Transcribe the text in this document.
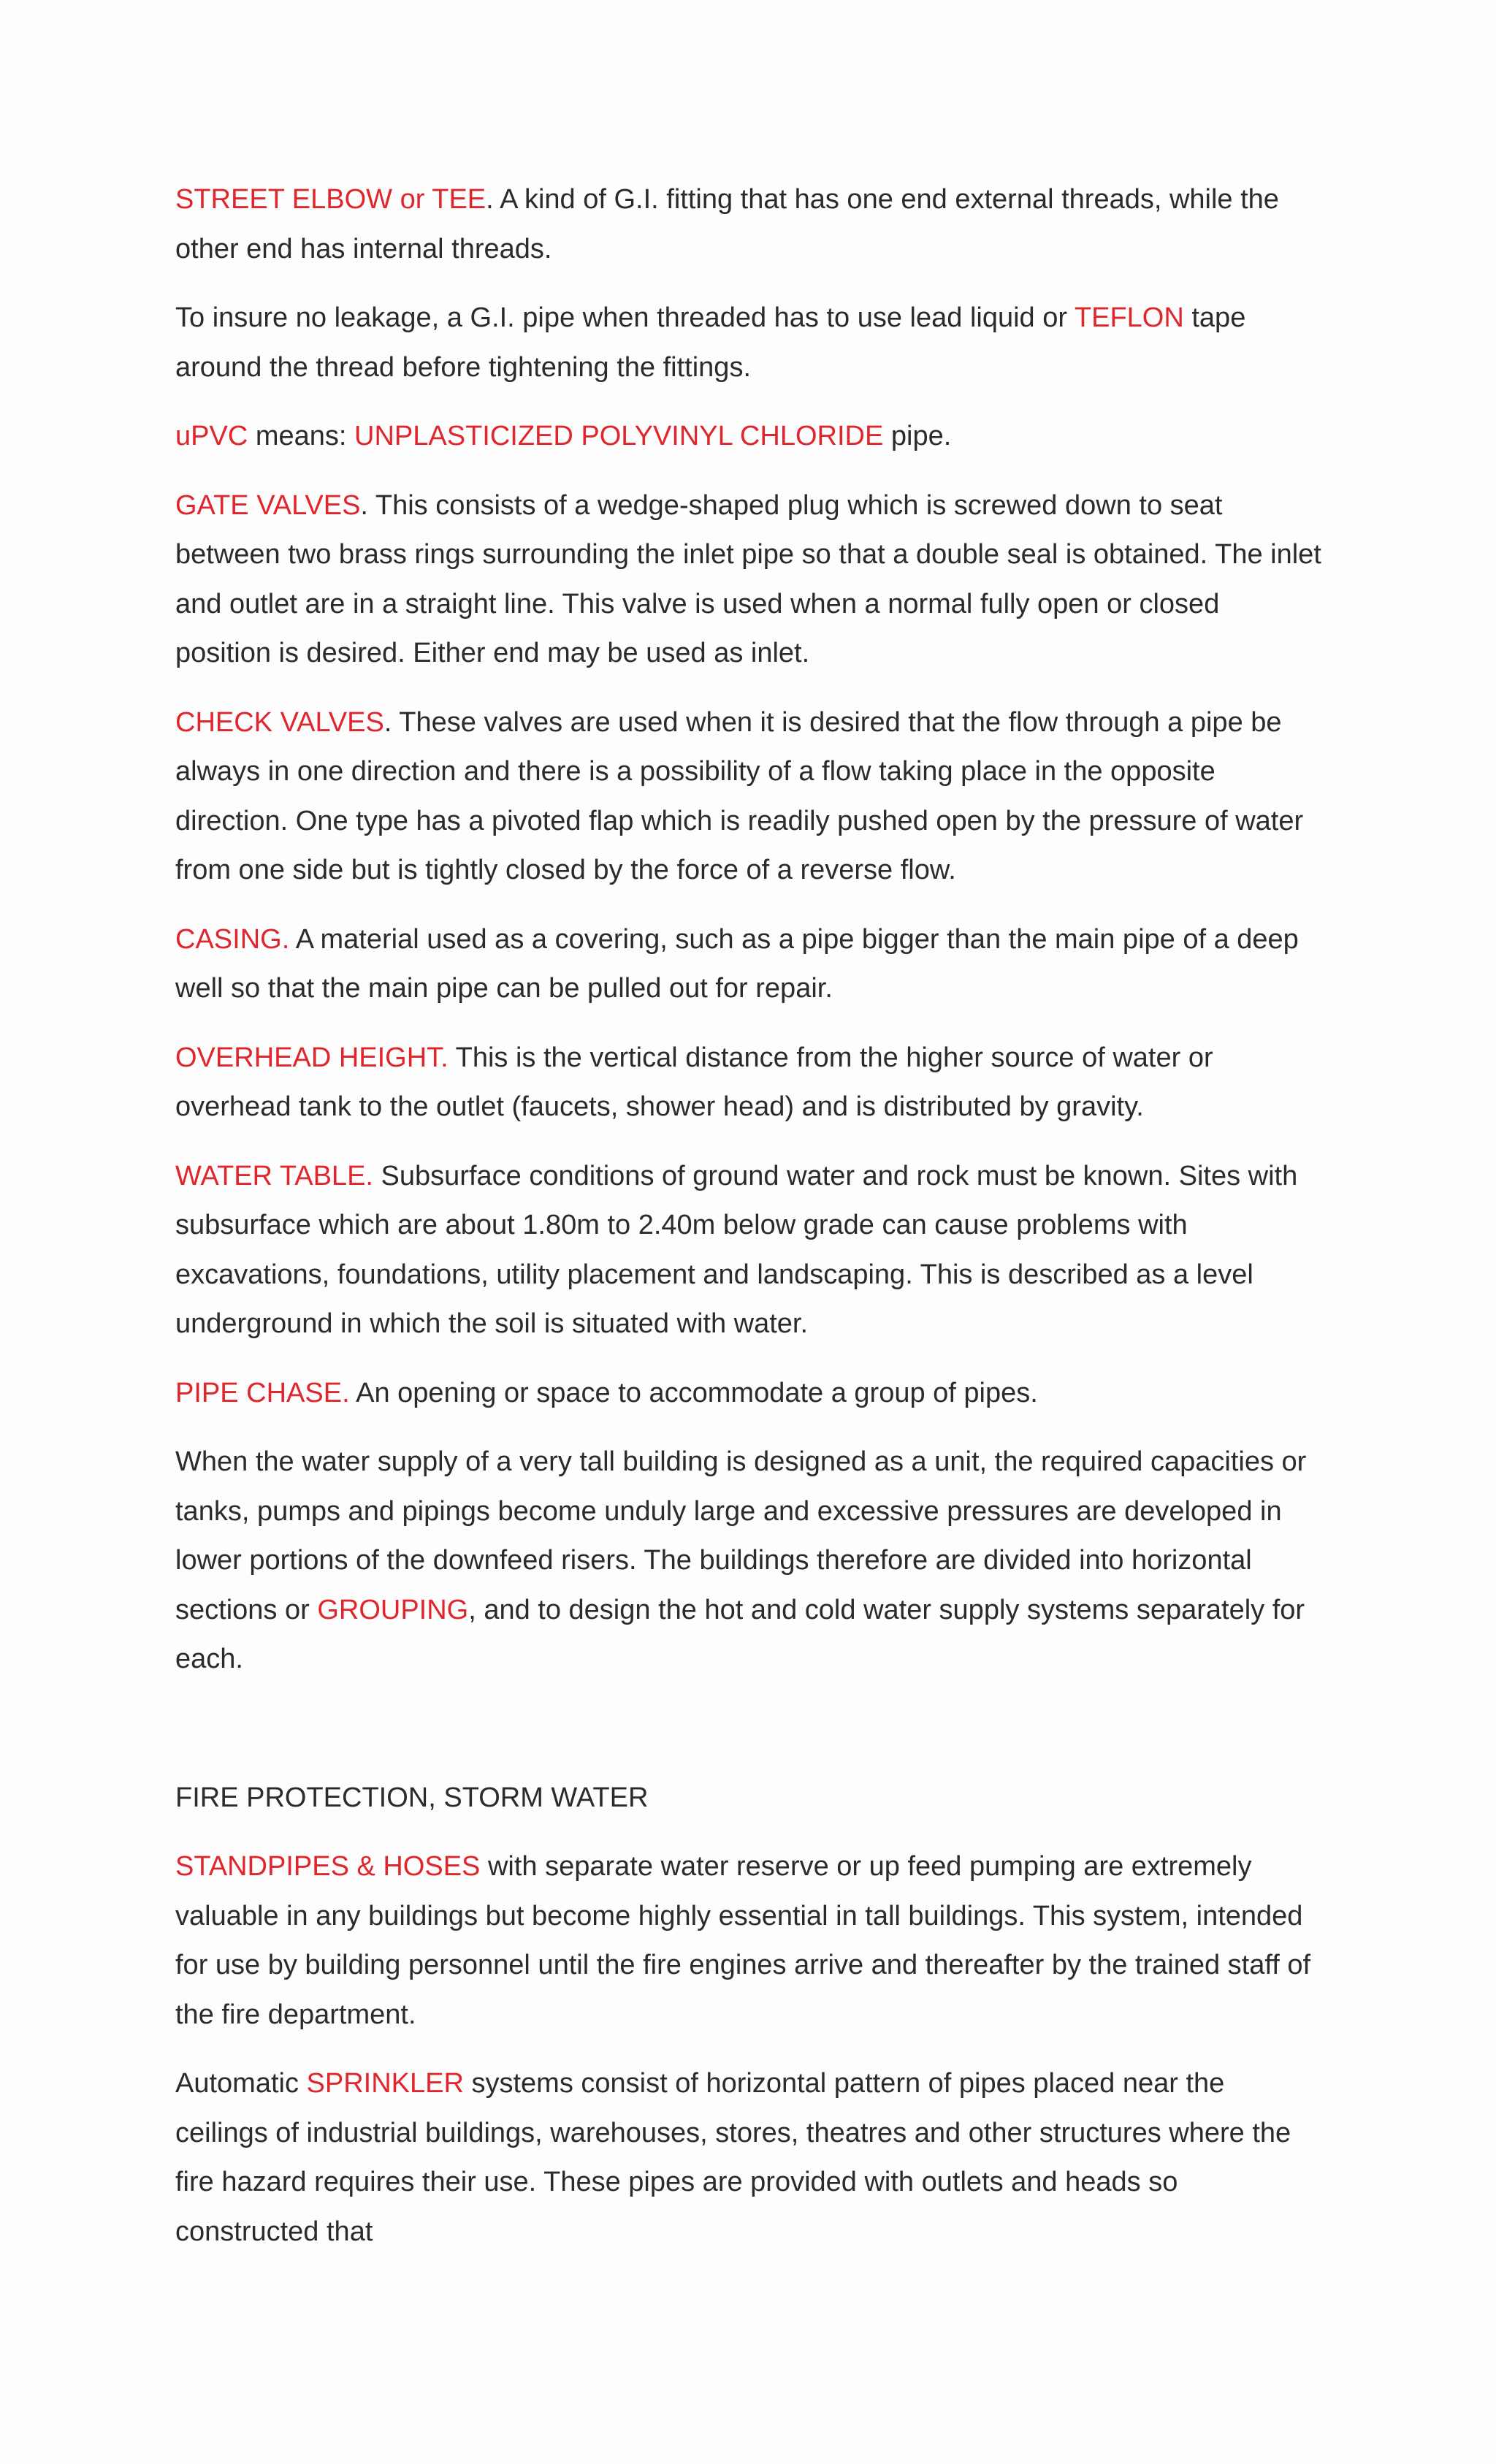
STREET ELBOW or TEE. A kind of G.I. fitting that has one end external threads, while the other end has internal threads.

To insure no leakage, a G.I. pipe when threaded has to use lead liquid or TEFLON tape around the thread before tightening the fittings.

uPVC means: UNPLASTICIZED POLYVINYL CHLORIDE pipe.

GATE VALVES. This consists of a wedge-shaped plug which is screwed down to seat between two brass rings surrounding the inlet pipe so that a double seal is obtained. The inlet and outlet are in a straight line. This valve is used when a normal fully open or closed position is desired. Either end may be used as inlet.

CHECK VALVES. These valves are used when it is desired that the flow through a pipe be always in one direction and there is a possibility of a flow taking place in the opposite direction. One type has a pivoted flap which is readily pushed open by the pressure of water from one side but is tightly closed by the force of a reverse flow.

CASING. A material used as a covering, such as a pipe bigger than the main pipe of a deep well so that the main pipe can be pulled out for repair.

OVERHEAD HEIGHT. This is the vertical distance from the higher source of water or overhead tank to the outlet (faucets, shower head) and is distributed by gravity.

WATER TABLE. Subsurface conditions of ground water and rock must be known. Sites with subsurface which are about 1.80m to 2.40m below grade can cause problems with excavations, foundations, utility placement and landscaping. This is described as a level underground in which the soil is situated with water.

PIPE CHASE. An opening or space to accommodate a group of pipes.

When the water supply of a very tall building is designed as a unit, the required capacities or tanks, pumps and pipings become unduly large and excessive pressures are developed in lower portions of the downfeed risers. The buildings therefore are divided into horizontal sections or GROUPING, and to design the hot and cold water supply systems separately for each.

FIRE PROTECTION, STORM WATER

STANDPIPES & HOSES with separate water reserve or up feed pumping are extremely valuable in any buildings but become highly essential in tall buildings. This system, intended for use by building personnel until the fire engines arrive and thereafter by the trained staff of the fire department.

Automatic SPRINKLER systems consist of horizontal pattern of pipes placed near the ceilings of industrial buildings, warehouses, stores, theatres and other structures where the fire hazard requires their use. These pipes are provided with outlets and heads so constructed that
